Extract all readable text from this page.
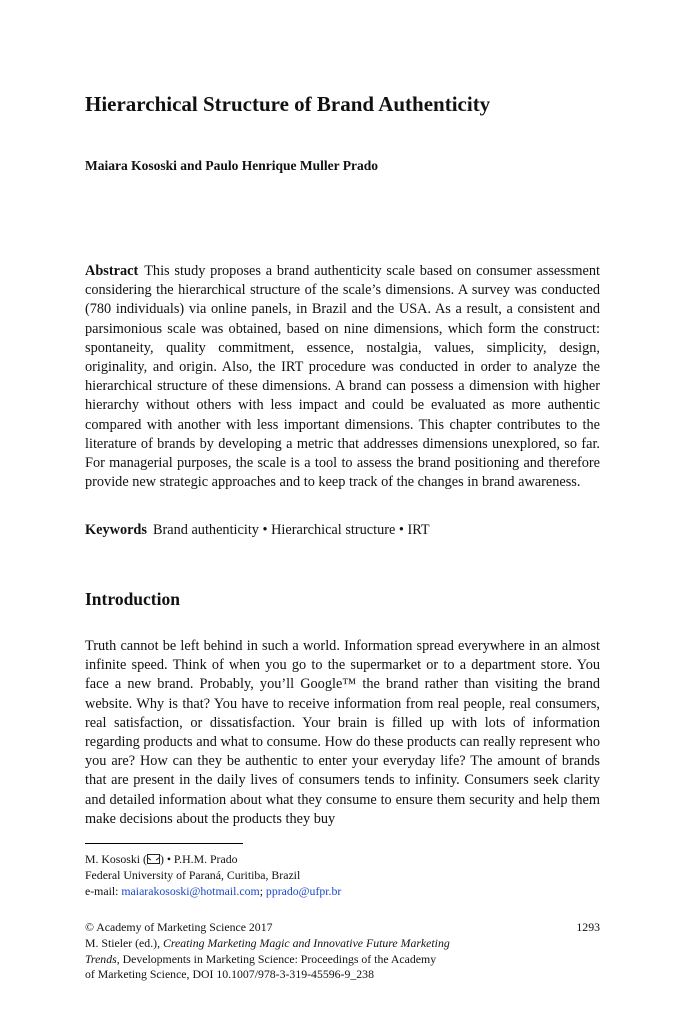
Hierarchical Structure of Brand Authenticity
Maiara Kososki and Paulo Henrique Muller Prado

Abstract This study proposes a brand authenticity scale based on consumer assessment considering the hierarchical structure of the scale’s dimensions. A survey was conducted (780 individuals) via online panels, in Brazil and the USA. As a result, a consistent and parsimonious scale was obtained, based on nine dimensions, which form the construct: spontaneity, quality commitment, essence, nostalgia, values, simplicity, design, originality, and origin. Also, the IRT procedure was conducted in order to analyze the hierarchical structure of these dimensions. A brand can possess a dimension with higher hierarchy without others with less impact and could be evaluated as more authentic compared with another with less important dimensions. This chapter contributes to the literature of brands by developing a metric that addresses dimensions unexplored, so far. For managerial purposes, the scale is a tool to assess the brand positioning and therefore provide new strategic approaches and to keep track of the changes in brand awareness.

Keywords Brand authenticity • Hierarchical structure • IRT
Introduction

Truth cannot be left behind in such a world. Information spread everywhere in an almost infinite speed. Think of when you go to the supermarket or to a department store. You face a new brand. Probably, you’ll Google™ the brand rather than visiting the brand website. Why is that? You have to receive information from real people, real consumers, real satisfaction, or dissatisfaction. Your brain is filled up with lots of information regarding products and what to consume. How do these products can really represent who you are? How can they be authentic to enter your everyday life? The amount of brands that are present in the daily lives of consumers tends to infinity. Consumers seek clarity and detailed information about what they consume to ensure them security and help them make decisions about the products they buy

M. Kososki ( ) • P.H.M. Prado
Federal University of Paraná, Curitiba, Brazil
e-mail: maiarakososki@hotmail.com; pprado@ufpr.br
© Academy of Marketing Science 2017
M. Stieler (ed.), Creating Marketing Magic and Innovative Future Marketing
Trends, Developments in Marketing Science: Proceedings of the Academy
of Marketing Science, DOI 10.1007/978-3-319-45596-9_238
1293
